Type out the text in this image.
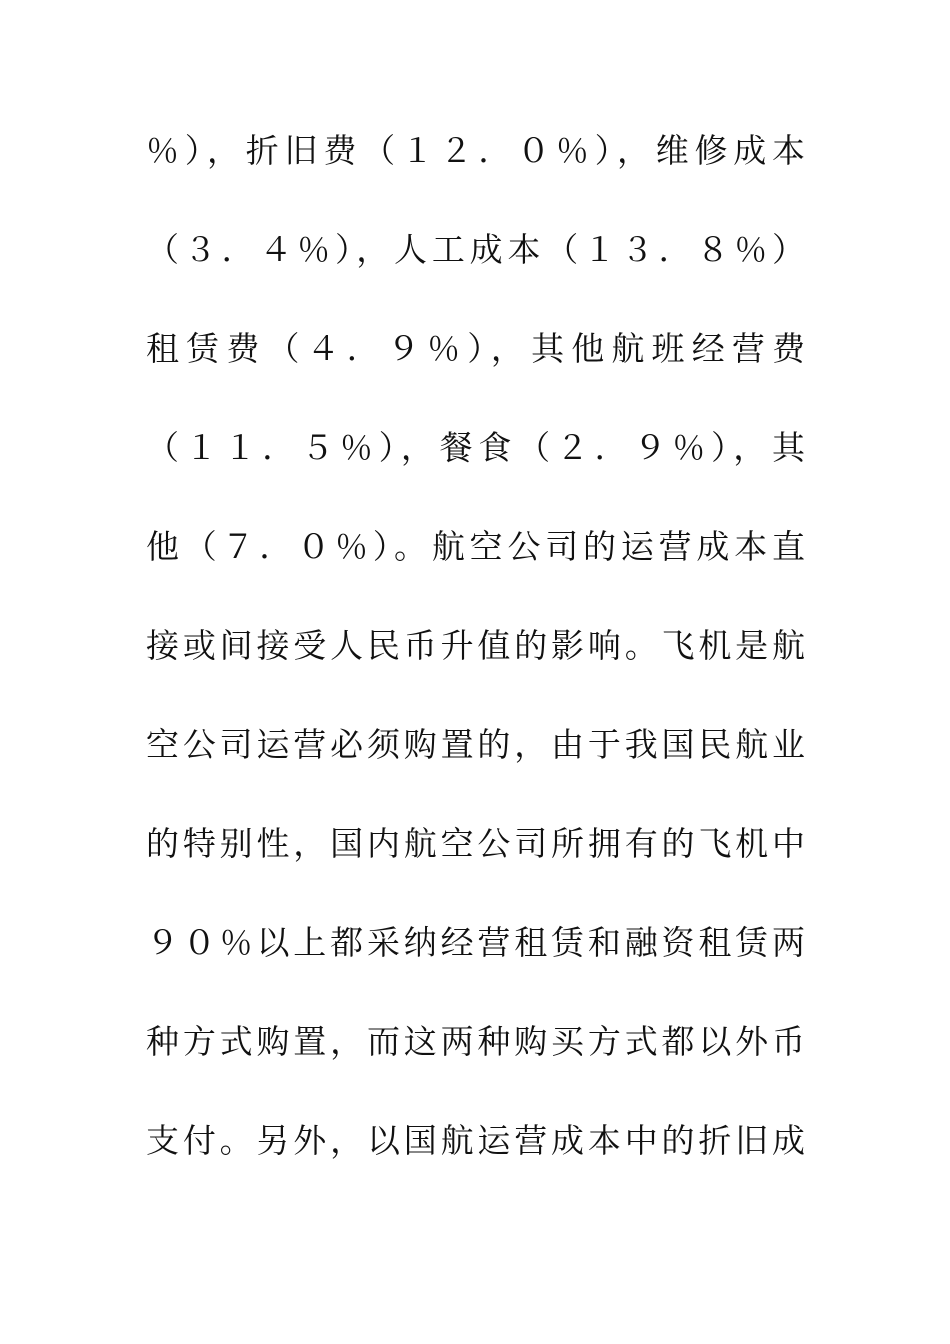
％），折旧费（１２．０％），维修成本
（３．４％），人工成本（１３．８％）
租赁费（４．９％），其他航班经营费
（１１．５％），餐食（２．９％），其
他（７．０％）。航空公司的运营成本直
接或间接受人民币升值的影响。飞机是航
空公司运营必须购置的，由于我国民航业
的特别性，国内航空公司所拥有的飞机中
９０％以上都采纳经营租赁和融资租赁两
种方式购置，而这两种购买方式都以外币
支付。另外，以国航运营成本中的折旧成
